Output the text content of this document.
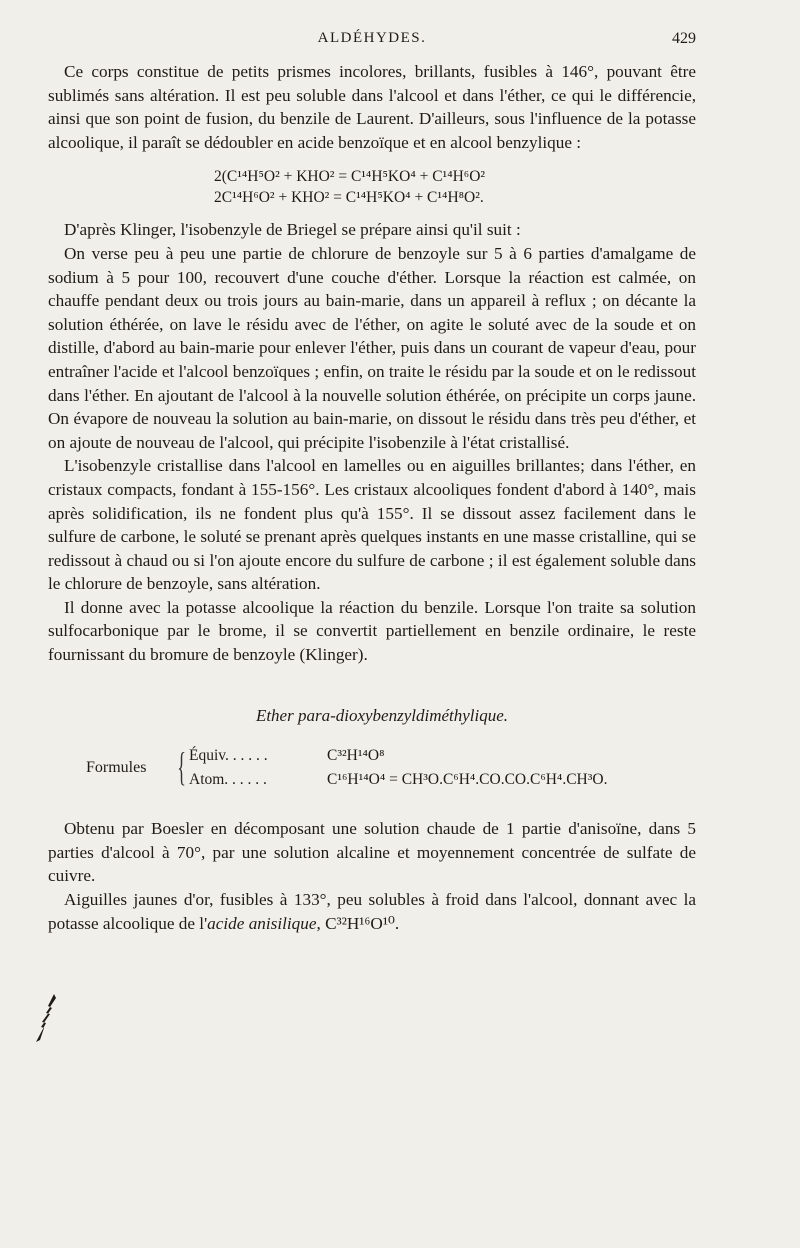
ALDÉHYDES.	429

Ce corps constitue de petits prismes incolores, brillants, fusibles à 146°, pouvant être sublimés sans altération. Il est peu soluble dans l'alcool et dans l'éther, ce qui le différencie, ainsi que son point de fusion, du benzile de Laurent. D'ailleurs, sous l'influence de la potasse alcoolique, il paraît se dédoubler en acide benzoïque et en alcool benzylique :

2(C¹⁴H⁵O² + KHO² = C¹⁴H⁵KO⁴ + C¹⁴H⁶O²
2C¹⁴H⁶O² + KHO² = C¹⁴H⁵KO⁴ + C¹⁴H⁸O².

D'après Klinger, l'isobenzyle de Briegel se prépare ainsi qu'il suit :

On verse peu à peu une partie de chlorure de benzoyle sur 5 à 6 parties d'amalgame de sodium à 5 pour 100, recouvert d'une couche d'éther. Lorsque la réaction est calmée, on chauffe pendant deux ou trois jours au bain-marie, dans un appareil à reflux ; on décante la solution éthérée, on lave le résidu avec de l'éther, on agite le soluté avec de la soude et on distille, d'abord au bain-marie pour enlever l'éther, puis dans un courant de vapeur d'eau, pour entraîner l'acide et l'alcool benzoïques ; enfin, on traite le résidu par la soude et on le redissout dans l'éther. En ajoutant de l'alcool à la nouvelle solution éthérée, on précipite un corps jaune. On évapore de nouveau la solution au bain-marie, on dissout le résidu dans très peu d'éther, et on ajoute de nouveau de l'alcool, qui précipite l'isobenzile à l'état cristallisé.

L'isobenzyle cristallise dans l'alcool en lamelles ou en aiguilles brillantes; dans l'éther, en cristaux compacts, fondant à 155-156°. Les cristaux alcooliques fondent d'abord à 140°, mais après solidification, ils ne fondent plus qu'à 155°. Il se dissout assez facilement dans le sulfure de carbone, le soluté se prenant après quelques instants en une masse cristalline, qui se redissout à chaud ou si l'on ajoute encore du sulfure de carbone ; il est également soluble dans le chlorure de benzoyle, sans altération.

Il donne avec la potasse alcoolique la réaction du benzile. Lorsque l'on traite sa solution sulfocarbonique par le brome, il se convertit partiellement en benzile ordinaire, le reste fournissant du bromure de benzoyle (Klinger).

Ether para-dioxybenzyldiméthylique.
Formules { Équiv. . . . . .	C³²H¹⁴O⁸
Atom. . . . . .	C¹⁶H¹⁴O⁴ = CH³O.C⁶H⁴.CO.CO.C⁶H⁴.CH³O.

Obtenu par Boesler en décomposant une solution chaude de 1 partie d'anisoïne, dans 5 parties d'alcool à 70°, par une solution alcaline et moyennement concentrée de sulfate de cuivre.

Aiguilles jaunes d'or, fusibles à 133°, peu solubles à froid dans l'alcool, donnant avec la potasse alcoolique de l'acide anisilique, C³²H¹⁶O¹⁰.
